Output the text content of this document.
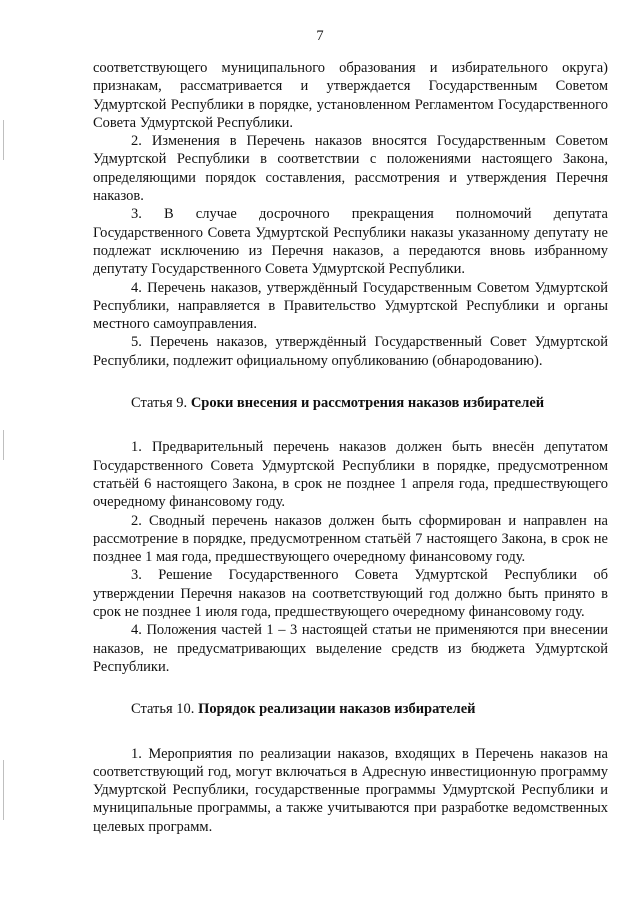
7

соответствующего муниципального образования и избирательного округа) признакам, рассматривается и утверждается Государственным Советом Удмуртской Республики в порядке, установленном Регламентом Государственного Совета Удмуртской Республики.

2. Изменения в Перечень наказов вносятся Государственным Советом Удмуртской Республики в соответствии с положениями настоящего Закона, определяющими порядок составления, рассмотрения и утверждения Перечня наказов.

3. В случае досрочного прекращения полномочий депутата Государственного Совета Удмуртской Республики наказы указанному депутату не подлежат исключению из Перечня наказов, а передаются вновь избранному депутату Государственного Совета Удмуртской Республики.

4. Перечень наказов, утверждённый Государственным Советом Удмуртской Республики, направляется в Правительство Удмуртской Республики и органы местного самоуправления.

5. Перечень наказов, утверждённый Государственный Совет Удмуртской Республики, подлежит официальному опубликованию (обнародованию).

Статья 9. Сроки внесения и рассмотрения наказов избирателей

1. Предварительный перечень наказов должен быть внесён депутатом Государственного Совета Удмуртской Республики в порядке, предусмотренном статьёй 6 настоящего Закона, в срок не позднее 1 апреля года, предшествующего очередному финансовому году.

2. Сводный перечень наказов должен быть сформирован и направлен на рассмотрение в порядке, предусмотренном статьёй 7 настоящего Закона, в срок не позднее 1 мая года, предшествующего очередному финансовому году.

3. Решение Государственного Совета Удмуртской Республики об утверждении Перечня наказов на соответствующий год должно быть принято в срок не позднее 1 июля года, предшествующего очередному финансовому году.

4. Положения частей 1 – 3 настоящей статьи не применяются при внесении наказов, не предусматривающих выделение средств из бюджета Удмуртской Республики.

Статья 10. Порядок реализации наказов избирателей

1. Мероприятия по реализации наказов, входящих в Перечень наказов на соответствующий год, могут включаться в Адресную инвестиционную программу Удмуртской Республики, государственные программы Удмуртской Республики и муниципальные программы, а также учитываются при разработке ведомственных целевых программ.
